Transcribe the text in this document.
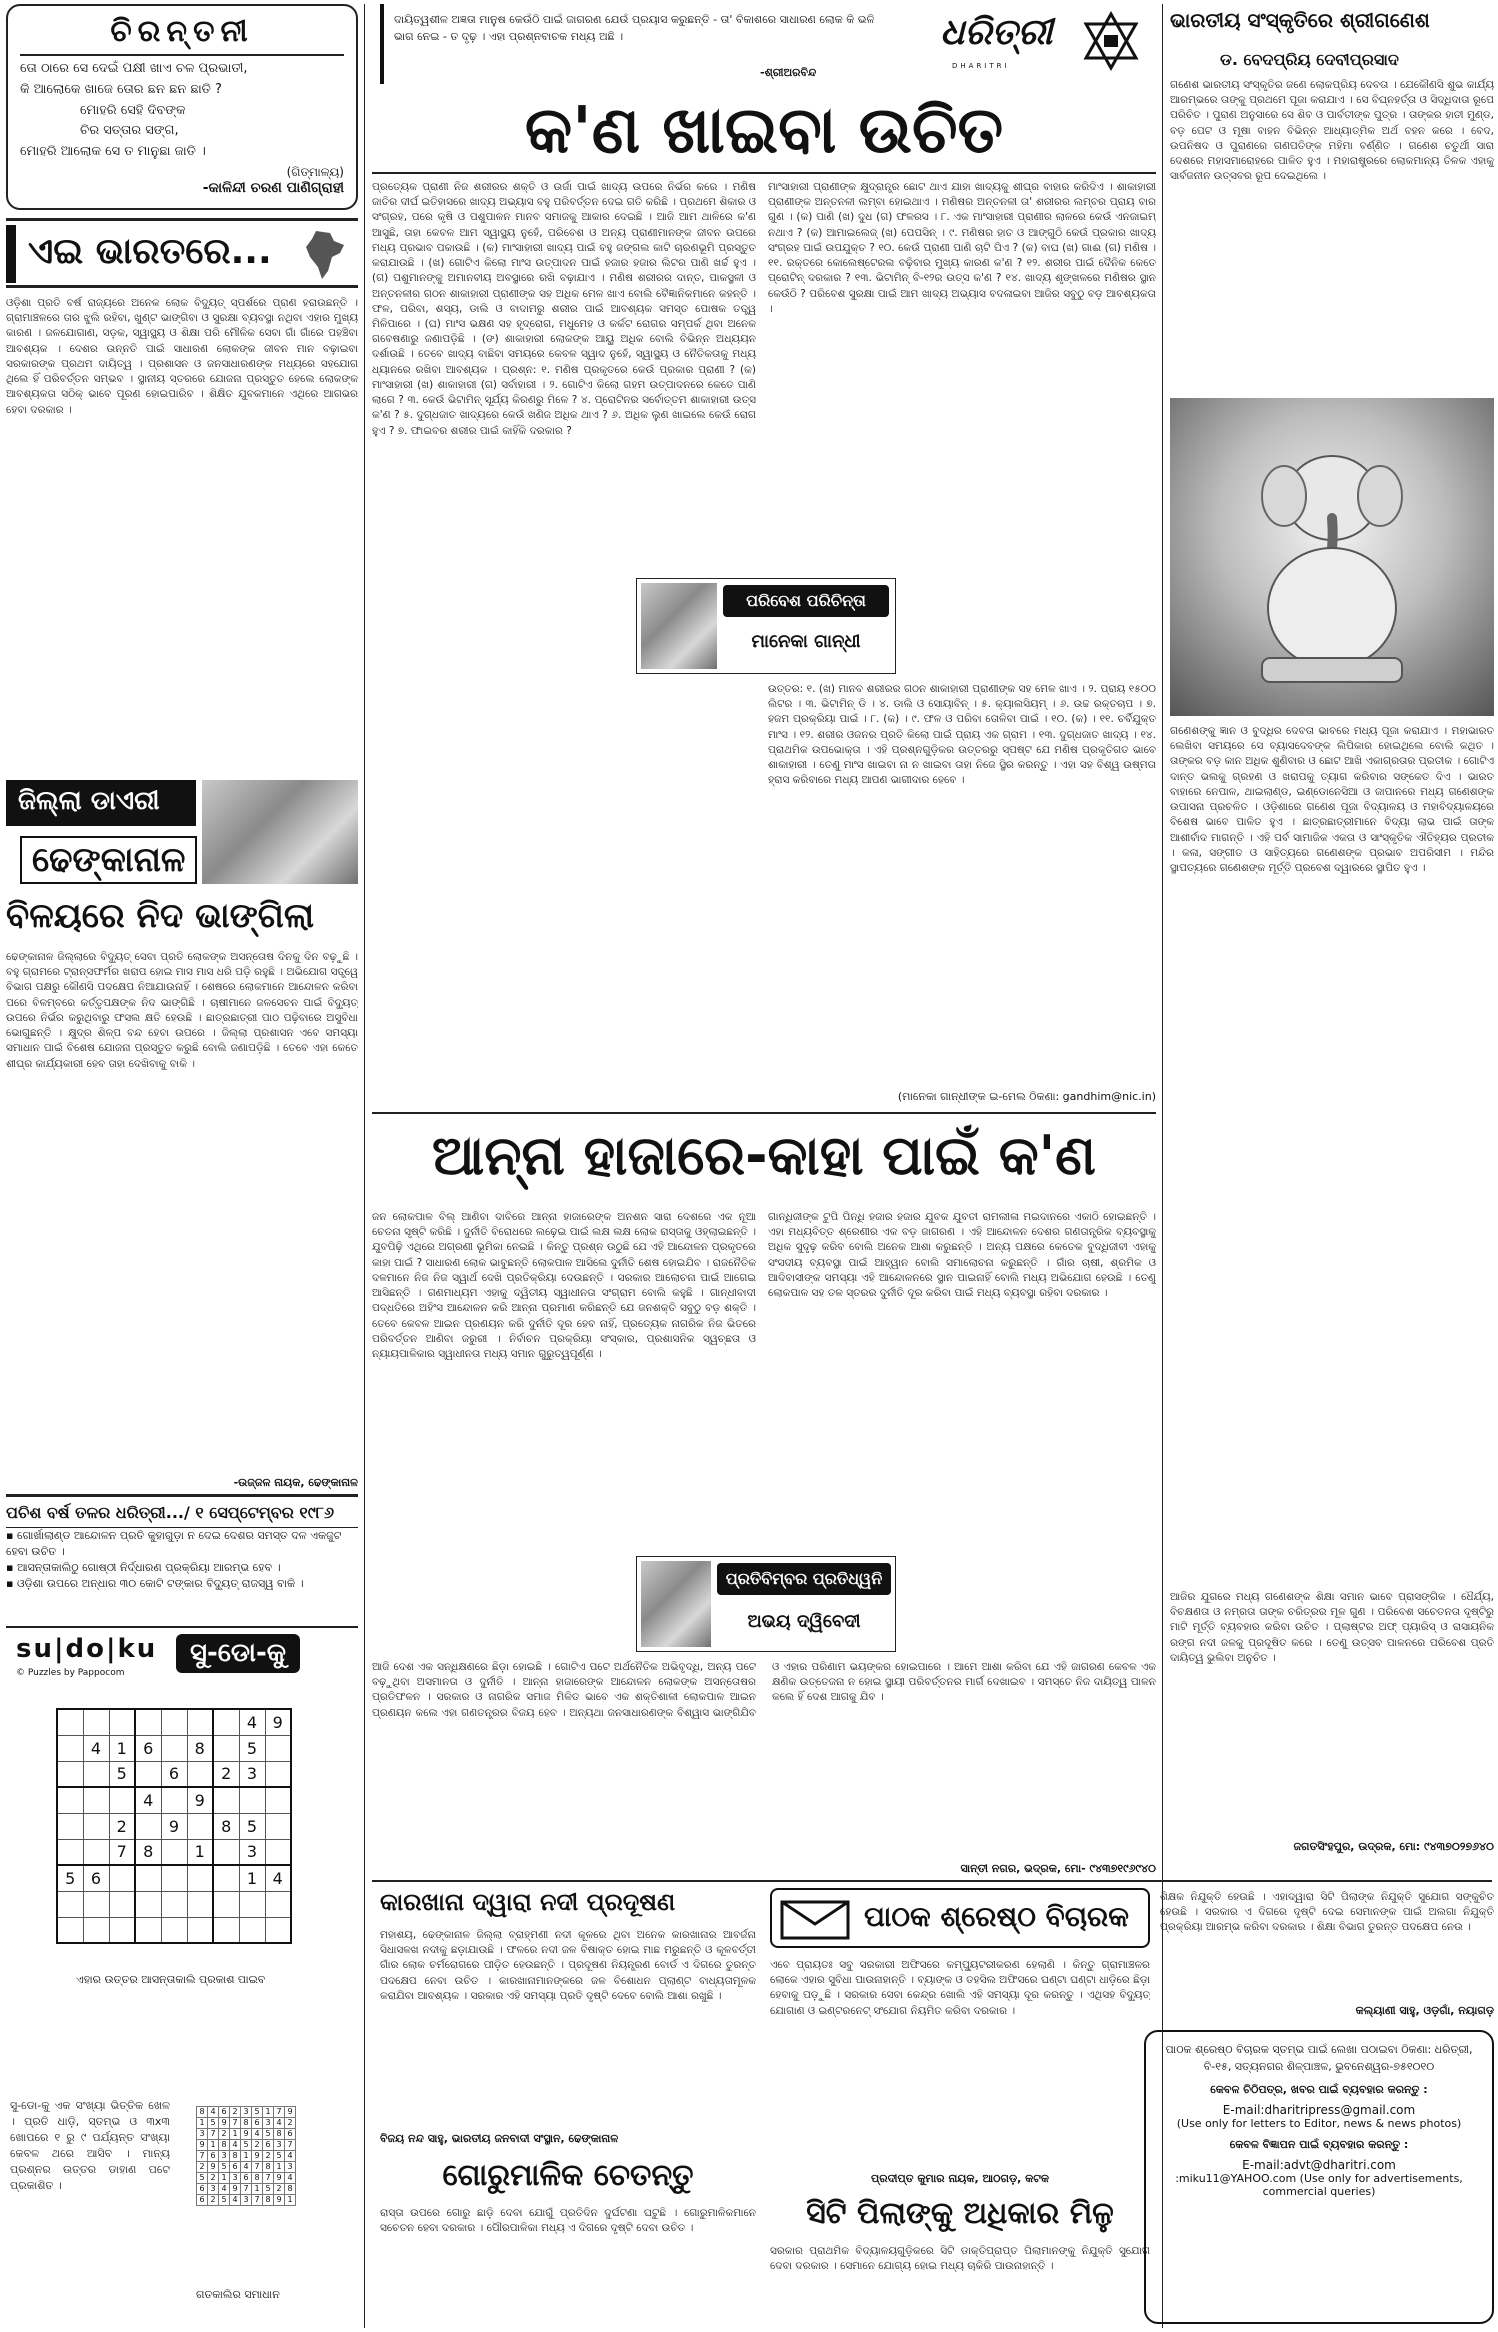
ଚିରନ୍ତନୀ
ତୋ ଠାରେ ସେ ଦେଇଁ ପକ୍ଷୀ ଖାଏ ଚଳ ପ୍ରଭାତୀ,
କି ଆଲୋକେ ଖାଜେ ତୋର ଛନ ଛନ ଛାତି ?
ମୋହରି ସେହି ଦିବଙ୍କ
ଚିର ସତ୍ତାର ସଙ୍ଗ,
ମୋହରି ଆଲୋକ ସେ ତ ମାନୁଛା ଜାତି ।
(ଗିତ୍ମାଳ୍ୟ)
-କାଳିନ୍ଦୀ ଚରଣ ପାଣିଗ୍ରାହୀ
ଏଇ ଭାରତରେ...
ଓଡ଼ିଶା ପ୍ରତି ବର୍ଷ ରାଜ୍ୟରେ ଅନେକ ଲୋକ ବିଦ୍ୟୁତ୍ ସ୍ପର୍ଶରେ ପ୍ରାଣ ହରାଉଛନ୍ତି । ଗ୍ରାମାଞ୍ଚଳରେ ତାର ଝୁଲି ରହିବା, ଖୁଣ୍ଟ ଭାଙ୍ଗିବା ଓ ସୁରକ୍ଷା ବ୍ୟବସ୍ଥା ନଥିବା ଏହାର ମୁଖ୍ୟ କାରଣ । ଜଳଯୋଗାଣ, ସଡ଼କ, ସ୍ୱାସ୍ଥ୍ୟ ଓ ଶିକ୍ଷା ପରି ମୌଳିକ ସେବା ଗାଁ ଗାଁରେ ପହଞ୍ଚିବା ଆବଶ୍ୟକ । ଦେଶର ଉନ୍ନତି ପାଇଁ ସାଧାରଣ ଲୋକଙ୍କ ଜୀବନ ମାନ ବଢ଼ାଇବା ସରକାରଙ୍କ ପ୍ରଥମ ଦାୟିତ୍ୱ । ପ୍ରଶାସନ ଓ ଜନସାଧାରଣଙ୍କ ମଧ୍ୟରେ ସହଯୋଗ ଥିଲେ ହିଁ ପରିବର୍ତ୍ତନ ସମ୍ଭବ । ସ୍ଥାନୀୟ ସ୍ତରରେ ଯୋଜନା ପ୍ରସ୍ତୁତ ହେଲେ ଲୋକଙ୍କ ଆବଶ୍ୟକତା ସଠିକ୍ ଭାବେ ପୂରଣ ହୋଇପାରିବ । ଶିକ୍ଷିତ ଯୁବକମାନେ ଏଥିରେ ଆଗଭର ହେବା ଦରକାର ।
ଜିଲ୍ଲା ଡାଏରୀ
ଢେଙ୍କାନାଳ
ବିଳୟରେ ନିଦ ଭାଙ୍ଗିଲା
ଢେଙ୍କାନାଳ ଜିଲ୍ଲାରେ ବିଦ୍ୟୁତ୍ ସେବା ପ୍ରତି ଲୋକଙ୍କ ଅସନ୍ତୋଷ ଦିନକୁ ଦିନ ବଢ଼ୁଛି । ବହୁ ଗ୍ରାମରେ ଟ୍ରାନ୍ସଫର୍ମର ଖରାପ ହୋଇ ମାସ ମାସ ଧରି ପଡ଼ି ରହୁଛି । ଅଭିଯୋଗ ସତ୍ତ୍ୱେ ବିଭାଗ ପକ୍ଷରୁ କୌଣସି ପଦକ୍ଷେପ ନିଆଯାଉନାହିଁ । ଶେଷରେ ଲୋକମାନେ ଆନ୍ଦୋଳନ କରିବା ପରେ ବିଳମ୍ବରେ କର୍ତ୍ତୃପକ୍ଷଙ୍କ ନିଦ ଭାଙ୍ଗିଛି । ଚାଷୀମାନେ ଜଳସେଚନ ପାଇଁ ବିଦ୍ୟୁତ୍ ଉପରେ ନିର୍ଭର କରୁଥିବାରୁ ଫସଲ କ୍ଷତି ହେଉଛି । ଛାତ୍ରଛାତ୍ରୀ ପାଠ ପଢ଼ିବାରେ ଅସୁବିଧା ଭୋଗୁଛନ୍ତି । କ୍ଷୁଦ୍ର ଶିଳ୍ପ ବନ୍ଦ ହେବା ଉପରେ । ଜିଲ୍ଲା ପ୍ରଶାସନ ଏବେ ସମସ୍ୟା ସମାଧାନ ପାଇଁ ବିଶେଷ ଯୋଜନା ପ୍ରସ୍ତୁତ କରୁଛି ବୋଲି ଜଣାପଡ଼ିଛି । ତେବେ ଏହା କେତେ ଶୀଘ୍ର କାର୍ଯ୍ୟକାରୀ ହେବ ତାହା ଦେଖିବାକୁ ବାକି ।
-ଉଜ୍ଜଳ ନାୟକ, ଢେଙ୍କାନାଳ
ପଚିଶ ବର୍ଷ ତଳର ଧରିତ୍ରୀ.../ ୧ ସେପ୍ଟେମ୍ବର ୧୯୮୬
▪ ଗୋର୍ଖାଲାଣ୍ଡ ଆନ୍ଦୋଳନ ପ୍ରତି କୁହାଗୁଡ଼ା ନ ଦେଇ ଦେଶର ସମସ୍ତ ଦଳ ଏକଜୁଟ ହେବା ଉଚିତ ।
▪ ଆସନ୍ତାକାଲିଠୁ ଗୋଷ୍ଠୀ ନିର୍ଦ୍ଧାରଣ ପ୍ରକ୍ରିୟା ଆରମ୍ଭ ହେବ ।
▪ ଓଡ଼ିଶା ଉପରେ ଅନ୍ଧାର ୩୦ କୋଟି ଟଙ୍କାର ବିଦ୍ୟୁତ୍ ରାଜସ୍ୱ ବାକି ।
su|do|ku
© Puzzles by Pappocom
ସୁ-ଡୋ-କୁ
							4	9
	4	1	6		8		5	
		5		6		2	3	
			4		9			
		2		9		8	5	
		7	8		1		3	
5	6						1	4

ଏହାର ଉତ୍ତର ଆସନ୍ତାକାଲି ପ୍ରକାଶ ପାଇବ
ସୁ-ଡୋ-କୁ ଏକ ସଂଖ୍ୟା ଭିତ୍ତିକ ଖେଳ । ପ୍ରତି ଧାଡ଼ି, ସ୍ତମ୍ଭ ଓ ୩x୩ ଖୋପରେ ୧ ରୁ ୯ ପର୍ଯ୍ୟନ୍ତ ସଂଖ୍ୟା କେବଳ ଥରେ ଆସିବ । ମାନ୍ୟ ପ୍ରଶ୍ନର ଉତ୍ତର ଡାହାଣ ପଟେ ପ୍ରକାଶିତ ।
8	4	6	2	3	5	1	7	9
1	5	9	7	8	6	3	4	2
3	7	2	1	9	4	5	8	6
9	1	8	4	5	2	6	3	7
7	6	3	8	1	9	2	5	4
2	9	5	6	4	7	8	1	3
5	2	1	3	6	8	7	9	4
6	3	4	9	7	1	5	2	8
6	2	5	4	3	7	8	9	1
ଗତକାଲିର ସମାଧାନ
ଦାୟିତ୍ୱଶୀଳ ଅଜ୍ଞତା ମାନୁଷ କେଉଁଠି ପାଇଁ ଜାଗରଣ ଯେଉଁ ପ୍ରୟାସ କରୁଛନ୍ତି - ତା' ବିକାଶରେ ସାଧାରଣ ଲୋକ କି ଭଳି ଭାଗ ନେଇ - ତ ଦୃଢ଼ । ଏହା ପ୍ରଶ୍ନବାଚକ ମଧ୍ୟ ଅଛି ।
-ଶ୍ରୀଅରବିନ୍ଦ
ଧରିତ୍ରୀ
DHARITRI
କ'ଣ ଖାଇବା ଉଚିତ
ପ୍ରତ୍ୟେକ ପ୍ରାଣୀ ନିଜ ଶରୀରର ଶକ୍ତି ଓ ଉର୍ଜା ପାଇଁ ଖାଦ୍ୟ ଉପରେ ନିର୍ଭର କରେ । ମଣିଷ ଜାତିର ଦୀର୍ଘ ଇତିହାସରେ ଖାଦ୍ୟ ଅଭ୍ୟାସ ବହୁ ପରିବର୍ତ୍ତନ ଦେଇ ଗତି କରିଛି । ପ୍ରଥମେ ଶିକାର ଓ ସଂଗ୍ରହ, ପରେ କୃଷି ଓ ପଶୁପାଳନ ମାନବ ସମାଜକୁ ଆକାର ଦେଇଛି । ଆଜି ଆମ ଥାଳିରେ କ'ଣ ଆସୁଛି, ତାହା କେବଳ ଆମ ସ୍ୱାସ୍ଥ୍ୟ ନୁହେଁ, ପରିବେଶ ଓ ଅନ୍ୟ ପ୍ରାଣୀମାନଙ୍କ ଜୀବନ ଉପରେ ମଧ୍ୟ ପ୍ରଭାବ ପକାଉଛି । (କ) ମାଂସାହାରୀ ଖାଦ୍ୟ ପାଇଁ ବହୁ ଜଙ୍ଗଲ କାଟି ଚାରଣଭୂମି ପ୍ରସ୍ତୁତ କରାଯାଉଛି । (ଖ) ଗୋଟିଏ କିଲୋ ମାଂସ ଉତ୍ପାଦନ ପାଇଁ ହଜାର ହଜାର ଲିଟର ପାଣି ଖର୍ଚ୍ଚ ହୁଏ । (ଗ) ପଶୁମାନଙ୍କୁ ଅମାନବୀୟ ଅବସ୍ଥାରେ ରଖି ବଢ଼ାଯାଏ । ମଣିଷ ଶରୀରର ଦାନ୍ତ, ପାକସ୍ଥଳୀ ଓ ଅନ୍ତନଳୀର ଗଠନ ଶାକାହାରୀ ପ୍ରାଣୀଙ୍କ ସହ ଅଧିକ ମେଳ ଖାଏ ବୋଲି ବୈଜ୍ଞାନିକମାନେ କହନ୍ତି । ଫଳ, ପରିବା, ଶସ୍ୟ, ଡାଲି ଓ ବାଦାମରୁ ଶରୀର ପାଇଁ ଆବଶ୍ୟକ ସମସ୍ତ ପୋଷକ ତତ୍ତ୍ୱ ମିଳିପାରେ । (ଘ) ମାଂସ ଭକ୍ଷଣ ସହ ହୃଦ୍‌ରୋଗ, ମଧୁମେହ ଓ କର୍କଟ ରୋଗର ସମ୍ପର୍କ ଥିବା ଅନେକ ଗବେଷଣାରୁ ଜଣାପଡ଼ିଛି । (ଙ) ଶାକାହାରୀ ଲୋକଙ୍କ ଆୟୁ ଅଧିକ ବୋଲି ବିଭିନ୍ନ ଅଧ୍ୟୟନ ଦର୍ଶାଉଛି । ତେବେ ଖାଦ୍ୟ ବାଛିବା ସମୟରେ କେବଳ ସ୍ୱାଦ ନୁହେଁ, ସ୍ୱାସ୍ଥ୍ୟ ଓ ନୈତିକତାକୁ ମଧ୍ୟ ଧ୍ୟାନରେ ରଖିବା ଆବଶ୍ୟକ । ପ୍ରଶ୍ନ: ୧. ମଣିଷ ପ୍ରକୃତରେ କେଉଁ ପ୍ରକାର ପ୍ରାଣୀ ? (କ) ମାଂସାହାରୀ (ଖ) ଶାକାହାରୀ (ଗ) ସର୍ବାହାରୀ । ୨. ଗୋଟିଏ କିଲୋ ଗହମ ଉତ୍ପାଦନରେ କେତେ ପାଣି ଲାଗେ ? ୩. କେଉଁ ଭିଟାମିନ୍ ସୂର୍ଯ୍ୟ କିରଣରୁ ମିଳେ ? ୪. ପ୍ରୋଟିନର ସର୍ବୋତ୍ତମ ଶାକାହାରୀ ଉତ୍ସ କ'ଣ ? ୫. ଦୁଗ୍ଧଜାତ ଖାଦ୍ୟରେ କେଉଁ ଖଣିଜ ଅଧିକ ଥାଏ ? ୬. ଅଧିକ ଲୁଣ ଖାଇଲେ କେଉଁ ରୋଗ ହୁଏ ? ୭. ଫାଇବର ଶରୀର ପାଇଁ କାହିଁକି ଦରକାର ?
ମାଂସାହାରୀ ପ୍ରାଣୀଙ୍କ କ୍ଷୁଦ୍ରାନ୍ତ୍ର ଛୋଟ ଥାଏ ଯାହା ଖାଦ୍ୟକୁ ଶୀଘ୍ର ବାହାର କରିଦିଏ । ଶାକାହାରୀ ପ୍ରାଣୀଙ୍କ ଅନ୍ତନଳୀ ଲମ୍ବା ହୋଇଥାଏ । ମଣିଷର ଅନ୍ତନଳୀ ତା' ଶରୀରର ଲମ୍ବର ପ୍ରାୟ ବାର ଗୁଣ । (କ) ପାଣି (ଖ) ଦୁଧ (ଗ) ଫଳରସ । ୮. ଏକ ମାଂସାହାରୀ ପ୍ରାଣୀର ଲାଳରେ କେଉଁ ଏନଜାଇମ୍ ନଥାଏ ? (କ) ଆମାଇଲେଜ୍ (ଖ) ପେପସିନ୍ । ୯. ମଣିଷର ହାତ ଓ ଆଙ୍ଗୁଠି କେଉଁ ପ୍ରକାର ଖାଦ୍ୟ ସଂଗ୍ରହ ପାଇଁ ଉପଯୁକ୍ତ ? ୧୦. କେଉଁ ପ୍ରାଣୀ ପାଣି ଚାଟି ପିଏ ? (କ) ବାଘ (ଖ) ଗାଈ (ଗ) ମଣିଷ । ୧୧. ରକ୍ତରେ କୋଲେଷ୍ଟେରଲ ବଢ଼ିବାର ମୁଖ୍ୟ କାରଣ କ'ଣ ? ୧୨. ଶରୀର ପାଇଁ ଦୈନିକ କେତେ ପ୍ରୋଟିନ୍ ଦରକାର ? ୧୩. ଭିଟାମିନ୍ ବି-୧୨ର ଉତ୍ସ କ'ଣ ? ୧୪. ଖାଦ୍ୟ ଶୃଙ୍ଖଳରେ ମଣିଷର ସ୍ଥାନ କେଉଁଠି ? ପରିବେଶ ସୁରକ୍ଷା ପାଇଁ ଆମ ଖାଦ୍ୟ ଅଭ୍ୟାସ ବଦଳାଇବା ଆଜିର ସବୁଠୁ ବଡ଼ ଆବଶ୍ୟକତା ।
ପରିବେଶ ପରିଚିନ୍ତା
ମାନେକା ଗାନ୍ଧୀ
ଉତ୍ତର: ୧. (ଖ) ମାନବ ଶରୀରର ଗଠନ ଶାକାହାରୀ ପ୍ରାଣୀଙ୍କ ସହ ମେଳ ଖାଏ । ୨. ପ୍ରାୟ ୧୫୦୦ ଲିଟର । ୩. ଭିଟାମିନ୍ ଡି । ୪. ଡାଲି ଓ ସୋୟାବିନ୍ । ୫. କ୍ୟାଲସିୟମ୍ । ୬. ଉଚ୍ଚ ରକ୍ତଚାପ । ୭. ହଜମ ପ୍ରକ୍ରିୟା ପାଇଁ । ୮. (କ) । ୯. ଫଳ ଓ ପରିବା ତୋଳିବା ପାଇଁ । ୧୦. (କ) । ୧୧. ଚର୍ବିଯୁକ୍ତ ମାଂସ । ୧୨. ଶରୀର ଓଜନର ପ୍ରତି କିଲୋ ପାଇଁ ପ୍ରାୟ ଏକ ଗ୍ରାମ । ୧୩. ଦୁଗ୍ଧଜାତ ଖାଦ୍ୟ । ୧୪. ପ୍ରାଥମିକ ଉପଭୋକ୍ତା । ଏହି ପ୍ରଶ୍ନଗୁଡ଼ିକର ଉତ୍ତରରୁ ସ୍ପଷ୍ଟ ଯେ ମଣିଷ ପ୍ରକୃତିଗତ ଭାବେ ଶାକାହାରୀ । ତେଣୁ ମାଂସ ଖାଇବା ନା ନ ଖାଇବା ତାହା ନିଜେ ସ୍ଥିର କରନ୍ତୁ । ଏହା ସହ ବିଶ୍ୱ ଉଷ୍ମତା ହ୍ରାସ କରିବାରେ ମଧ୍ୟ ଆପଣ ଭାଗୀଦାର ହେବେ ।
(ମାନେକା ଗାନ୍ଧୀଙ୍କ ଇ-ମେଲ ଠିକଣା: gandhim@nic.in)
ଆନ୍ନା ହାଜାରେ-କାହା ପାଇଁ କ'ଣ
ଜନ ଲୋକପାଳ ବିଲ୍ ଆଣିବା ଦାବିରେ ଆନ୍ନା ହାଜାରେଙ୍କ ଅନଶନ ସାରା ଦେଶରେ ଏକ ନୂଆ ଚେତନା ସୃଷ୍ଟି କରିଛି । ଦୁର୍ନୀତି ବିରୋଧରେ ଲଢ଼େଇ ପାଇଁ ଲକ୍ଷ ଲକ୍ଷ ଲୋକ ରାସ୍ତାକୁ ଓହ୍ଲାଇଛନ୍ତି । ଯୁବପିଢ଼ି ଏଥିରେ ଅଗ୍ରଣୀ ଭୂମିକା ନେଇଛି । କିନ୍ତୁ ପ୍ରଶ୍ନ ଉଠୁଛି ଯେ ଏହି ଆନ୍ଦୋଳନ ପ୍ରକୃତରେ କାହା ପାଇଁ ? ସାଧାରଣ ଲୋକ ଭାବୁଛନ୍ତି ଲୋକପାଳ ଆସିଲେ ଦୁର୍ନୀତି ଶେଷ ହୋଇଯିବ । ରାଜନୈତିକ ଦଳମାନେ ନିଜ ନିଜ ସ୍ୱାର୍ଥ ଦେଖି ପ୍ରତିକ୍ରିୟା ଦେଉଛନ୍ତି । ସରକାର ଆଲୋଚନା ପାଇଁ ଆଗେଇ ଆସିଛନ୍ତି । ଗଣମାଧ୍ୟମ ଏହାକୁ ଦ୍ୱିତୀୟ ସ୍ୱାଧୀନତା ସଂଗ୍ରାମ ବୋଲି କହୁଛି । ଗାନ୍ଧୀବାଦୀ ପଦ୍ଧତିରେ ଅହିଂସ ଆନ୍ଦୋଳନ କରି ଆନ୍ନା ପ୍ରମାଣ କରିଛନ୍ତି ଯେ ଜନଶକ୍ତି ସବୁଠୁ ବଡ଼ ଶକ୍ତି । ତେବେ କେବଳ ଆଇନ ପ୍ରଣୟନ କରି ଦୁର୍ନୀତି ଦୂର ହେବ ନାହିଁ, ପ୍ରତ୍ୟେକ ନାଗରିକ ନିଜ ଭିତରେ ପରିବର୍ତ୍ତନ ଆଣିବା ଜରୁରୀ । ନିର୍ବାଚନ ପ୍ରକ୍ରିୟା ସଂସ୍କାର, ପ୍ରଶାସନିକ ସ୍ୱଚ୍ଛତା ଓ ନ୍ୟାୟପାଳିକାର ସ୍ୱାଧୀନତା ମଧ୍ୟ ସମାନ ଗୁରୁତ୍ୱପୂର୍ଣ୍ଣ ।
ଗାନ୍ଧିଜୀଙ୍କ ଟୁପି ପିନ୍ଧି ହଜାର ହଜାର ଯୁବକ ଯୁବତୀ ରାମଲୀଳା ମଇଦାନରେ ଏକାଠି ହୋଇଛନ୍ତି । ଏହା ମଧ୍ୟବିତ୍ତ ଶ୍ରେଣୀର ଏକ ବଡ଼ ଜାଗରଣ । ଏହି ଆନ୍ଦୋଳନ ଦେଶର ଗଣତାନ୍ତ୍ରିକ ବ୍ୟବସ୍ଥାକୁ ଅଧିକ ସୁଦୃଢ଼ କରିବ ବୋଲି ଅନେକ ଆଶା କରୁଛନ୍ତି । ଅନ୍ୟ ପକ୍ଷରେ କେତେକ ବୁଦ୍ଧିଜୀବୀ ଏହାକୁ ସଂସଦୀୟ ବ୍ୟବସ୍ଥା ପାଇଁ ଆହ୍ୱାନ ବୋଲି ସମାଲୋଚନା କରୁଛନ୍ତି । ଗାଁର ଚାଷୀ, ଶ୍ରମିକ ଓ ଆଦିବାସୀଙ୍କ ସମସ୍ୟା ଏହି ଆନ୍ଦୋଳନରେ ସ୍ଥାନ ପାଇନାହିଁ ବୋଲି ମଧ୍ୟ ଅଭିଯୋଗ ହେଉଛି । ତେଣୁ ଲୋକପାଳ ସହ ତଳ ସ୍ତରର ଦୁର୍ନୀତି ଦୂର କରିବା ପାଇଁ ମଧ୍ୟ ବ୍ୟବସ୍ଥା ରହିବା ଦରକାର ।
ପ୍ରତିବିମ୍ବର ପ୍ରତିଧ୍ୱନି
ଅଭୟ ଦ୍ୱିବେଦୀ
ଆଜି ଦେଶ ଏକ ସନ୍ଧିକ୍ଷଣରେ ଛିଡ଼ା ହୋଇଛି । ଗୋଟିଏ ପଟେ ଅର୍ଥନୈତିକ ଅଭିବୃଦ୍ଧି, ଅନ୍ୟ ପଟେ ବଢ଼ୁଥିବା ଅସମାନତା ଓ ଦୁର୍ନୀତି । ଆନ୍ନା ହାଜାରେଙ୍କ ଆନ୍ଦୋଳନ ଲୋକଙ୍କ ଅସନ୍ତୋଷର ପ୍ରତିଫଳନ । ସରକାର ଓ ନାଗରିକ ସମାଜ ମିଳିତ ଭାବେ ଏକ ଶକ୍ତିଶାଳୀ ଲୋକପାଳ ଆଇନ ପ୍ରଣୟନ କଲେ ଏହା ଗଣତନ୍ତ୍ରର ବିଜୟ ହେବ । ଅନ୍ୟଥା ଜନସାଧାରଣଙ୍କ ବିଶ୍ୱାସ ଭାଙ୍ଗିଯିବ ଓ ଏହାର ପରିଣାମ ଭୟଙ୍କର ହୋଇପାରେ । ଆମେ ଆଶା କରିବା ଯେ ଏହି ଜାଗରଣ କେବଳ ଏକ କ୍ଷଣିକ ଉତ୍ତେଜନା ନ ହୋଇ ସ୍ଥାୟୀ ପରିବର୍ତ୍ତନର ମାର୍ଗ ଦେଖାଇବ । ସମସ୍ତେ ନିଜ ଦାୟିତ୍ୱ ପାଳନ କଲେ ହିଁ ଦେଶ ଆଗକୁ ଯିବ ।
ସାନ୍ତୀ ନଗର, ଭଦ୍ରକ, ମୋ- ୯୪୩୭୧୯୬୯୪୦
କାରଖାନା ଦ୍ୱାରା ନଦୀ ପ୍ରଦୂଷଣ
ମହାଶୟ, ଢେଙ୍କାନାଳ ଜିଲ୍ଲା ବ୍ରାହ୍ମଣୀ ନଦୀ କୂଳରେ ଥିବା ଅନେକ କାରଖାନାର ଆବର୍ଜନା ସିଧାସଳଖ ନଦୀକୁ ଛଡ଼ାଯାଉଛି । ଫଳରେ ନଦୀ ଜଳ ବିଷାକ୍ତ ହୋଇ ମାଛ ମରୁଛନ୍ତି ଓ କୂଳବର୍ତ୍ତୀ ଗାଁର ଲୋକ ଚର୍ମରୋଗରେ ପୀଡ଼ିତ ହେଉଛନ୍ତି । ପ୍ରଦୂଷଣ ନିୟନ୍ତ୍ରଣ ବୋର୍ଡ ଏ ଦିଗରେ ତୁରନ୍ତ ପଦକ୍ଷେପ ନେବା ଉଚିତ । କାରଖାନାମାନଙ୍କରେ ଜଳ ବିଶୋଧନ ପ୍ଲାଣ୍ଟ ବାଧ୍ୟତାମୂଳକ କରାଯିବା ଆବଶ୍ୟକ । ସରକାର ଏହି ସମସ୍ୟା ପ୍ରତି ଦୃଷ୍ଟି ଦେବେ ବୋଲି ଆଶା ରଖୁଛି ।
ବିଜୟ ନନ୍ଦ ସାହୁ, ଭାରତୀୟ ଜନବାଦୀ ସଂସ୍ଥାନ, ଢେଙ୍କାନାଳ
ଗୋରୁମାଳିକ ଚେତନ୍ତୁ
ରାସ୍ତା ଉପରେ ଗୋରୁ ଛାଡ଼ି ଦେବା ଯୋଗୁଁ ପ୍ରତିଦିନ ଦୁର୍ଘଟଣା ଘଟୁଛି । ଗୋରୁମାଳିକମାନେ ସଚେତନ ହେବା ଦରକାର । ପୌରପାଳିକା ମଧ୍ୟ ଏ ଦିଗରେ ଦୃଷ୍ଟି ଦେବା ଉଚିତ ।
ପାଠକ ଶ୍ରେଷ୍ଠ ବିଚାରକ
ଏବେ ପ୍ରାୟତଃ ସବୁ ସରକାରୀ ଅଫିସରେ କମ୍ପ୍ୟୁଟରୀକରଣ ହେଲାଣି । କିନ୍ତୁ ଗ୍ରାମାଞ୍ଚଳର ଲୋକେ ଏହାର ସୁବିଧା ପାଉନାହାନ୍ତି । ବ୍ୟାଙ୍କ ଓ ତହସିଲ ଅଫିସରେ ଘଣ୍ଟା ଘଣ୍ଟା ଧାଡ଼ିରେ ଛିଡ଼ା ହେବାକୁ ପଡ଼ୁଛି । ସରକାର ସେବା କେନ୍ଦ୍ର ଖୋଲି ଏହି ସମସ୍ୟା ଦୂର କରନ୍ତୁ । ଏଥିସହ ବିଦ୍ୟୁତ୍ ଯୋଗାଣ ଓ ଇଣ୍ଟରନେଟ୍ ସଂଯୋଗ ନିୟମିତ କରିବା ଦରକାର ।
ପ୍ରଦୀପ୍ତ କୁମାର ନାୟକ, ଆଠଗଡ଼, କଟକ
ସିଟି ପିଲାଙ୍କୁ ଅଧିକାର ମିଳୁ
ସରକାର ପ୍ରାଥମିକ ବିଦ୍ୟାଳୟଗୁଡ଼ିକରେ ସିଟି ଡାକ୍ତିପ୍ରାପ୍ତ ପିଲାମାନଙ୍କୁ ନିଯୁକ୍ତି ସୁଯୋଗ ଦେବା ଦରକାର । ସେମାନେ ଯୋଗ୍ୟ ହୋଇ ମଧ୍ୟ ଚାକିରି ପାଉନାହାନ୍ତି ।
ଭାରତୀୟ ସଂସ୍କୃତିରେ ଶ୍ରୀଗଣେଶ
ଡ. ବେଦପ୍ରିୟ ଦେବୀପ୍ରସାଦ
ଗଣେଶ ଭାରତୀୟ ସଂସ୍କୃତିର ଜଣେ ଲୋକପ୍ରିୟ ଦେବତା । ଯେକୌଣସି ଶୁଭ କାର୍ଯ୍ୟ ଆରମ୍ଭରେ ତାଙ୍କୁ ପ୍ରଥମେ ପୂଜା କରାଯାଏ । ସେ ବିଘ୍ନହର୍ତ୍ତା ଓ ସିଦ୍ଧିଦାତା ରୂପେ ପରିଚିତ । ପୁରାଣ ଅନୁସାରେ ସେ ଶିବ ଓ ପାର୍ବତୀଙ୍କ ପୁତ୍ର । ତାଙ୍କର ହାତୀ ମୁଣ୍ଡ, ବଡ଼ ପେଟ ଓ ମୂଷା ବାହନ ବିଭିନ୍ନ ଆଧ୍ୟାତ୍ମିକ ଅର୍ଥ ବହନ କରେ । ବେଦ, ଉପନିଷଦ ଓ ପୁରାଣରେ ଗଣପତିଙ୍କ ମହିମା ବର୍ଣ୍ଣିତ । ଗଣେଶ ଚତୁର୍ଥୀ ସାରା ଦେଶରେ ମହାସମାରୋହରେ ପାଳିତ ହୁଏ । ମହାରାଷ୍ଟ୍ରରେ ଲୋକମାନ୍ୟ ତିଳକ ଏହାକୁ ସାର୍ବଜନୀନ ଉତ୍ସବର ରୂପ ଦେଇଥିଲେ ।
ଗଣେଶଙ୍କୁ ଜ୍ଞାନ ଓ ବୁଦ୍ଧିର ଦେବତା ଭାବରେ ମଧ୍ୟ ପୂଜା କରାଯାଏ । ମହାଭାରତ ଲେଖିବା ସମୟରେ ସେ ବ୍ୟାସଦେବଙ୍କ ଲିପିକାର ହୋଇଥିଲେ ବୋଲି କଥିତ । ତାଙ୍କର ବଡ଼ କାନ ଅଧିକ ଶୁଣିବାର ଓ ଛୋଟ ଆଖି ଏକାଗ୍ରତାର ପ୍ରତୀକ । ଗୋଟିଏ ଦାନ୍ତ ଭଲକୁ ଗ୍ରହଣ ଓ ଖରାପକୁ ତ୍ୟାଗ କରିବାର ସଙ୍କେତ ଦିଏ । ଭାରତ ବାହାରେ ନେପାଳ, ଥାଇଲାଣ୍ଡ, ଇଣ୍ଡୋନେସିଆ ଓ ଜାପାନରେ ମଧ୍ୟ ଗଣେଶଙ୍କ ଉପାସନା ପ୍ରଚଳିତ । ଓଡ଼ିଶାରେ ଗଣେଶ ପୂଜା ବିଦ୍ୟାଳୟ ଓ ମହାବିଦ୍ୟାଳୟରେ ବିଶେଷ ଭାବେ ପାଳିତ ହୁଏ । ଛାତ୍ରଛାତ୍ରୀମାନେ ବିଦ୍ୟା ଲାଭ ପାଇଁ ତାଙ୍କ ଆଶୀର୍ବାଦ ମାଗନ୍ତି । ଏହି ପର୍ବ ସାମାଜିକ ଏକତା ଓ ସାଂସ୍କୃତିକ ଐତିହ୍ୟର ପ୍ରତୀକ । କଳା, ସଙ୍ଗୀତ ଓ ସାହିତ୍ୟରେ ଗଣେଶଙ୍କ ପ୍ରଭାବ ଅପରିସୀମ । ମନ୍ଦିର ସ୍ଥାପତ୍ୟରେ ଗଣେଶଙ୍କ ମୂର୍ତ୍ତି ପ୍ରବେଶ ଦ୍ୱାରରେ ସ୍ଥାପିତ ହୁଏ ।
ଆଜିର ଯୁଗରେ ମଧ୍ୟ ଗଣେଶଙ୍କ ଶିକ୍ଷା ସମାନ ଭାବେ ପ୍ରାସଙ୍ଗିକ । ଧୈର୍ଯ୍ୟ, ବିଚକ୍ଷଣତା ଓ ନମ୍ରତା ତାଙ୍କ ଚରିତ୍ରର ମୂଳ ଗୁଣ । ପରିବେଶ ସଚେତନତା ଦୃଷ୍ଟିରୁ ମାଟି ମୂର୍ତ୍ତି ବ୍ୟବହାର କରିବା ଉଚିତ । ପ୍ଲାଷ୍ଟର ଅଫ୍ ପ୍ୟାରିସ୍ ଓ ରାସାୟନିକ ରଙ୍ଗ ନଦୀ ଜଳକୁ ପ୍ରଦୂଷିତ କରେ । ତେଣୁ ଉତ୍ସବ ପାଳନରେ ପରିବେଶ ପ୍ରତି ଦାୟିତ୍ୱ ଭୁଲିବା ଅନୁଚିତ ।
ଜଗତସିଂହପୁର, ଉଦ୍ରକ, ମୋ: ୯୪୩୭୦୨୭୬୪୦
ଶିକ୍ଷକ ନିଯୁକ୍ତି ହେଉଛି । ଏହାଦ୍ୱାରା ସିଟି ପିଲାଙ୍କ ନିଯୁକ୍ତି ସୁଯୋଗ ସଙ୍କୁଚିତ ହେଉଛି । ସରକାର ଏ ଦିଗରେ ଦୃଷ୍ଟି ଦେଇ ସେମାନଙ୍କ ପାଇଁ ଅଲଗା ନିଯୁକ୍ତି ପ୍ରକ୍ରିୟା ଆରମ୍ଭ କରିବା ଦରକାର । ଶିକ୍ଷା ବିଭାଗ ତୁରନ୍ତ ପଦକ୍ଷେପ ନେଉ ।
କଲ୍ୟାଣୀ ସାହୁ, ଓଡ଼ଗାଁ, ନୟାଗଡ଼
ପାଠକ ଶ୍ରେଷ୍ଠ ବିଚାରକ ସ୍ତମ୍ଭ ପାଇଁ ଲେଖା ପଠାଇବା ଠିକଣା: ଧରିତ୍ରୀ, ବି-୧୫, ସତ୍ୟନଗର ଶିଳ୍ପାଞ୍ଚଳ, ଭୁବନେଶ୍ୱର-୭୫୧୦୧୦
କେବଳ ଚିଠିପତ୍ର, ଖବର ପାଇଁ ବ୍ୟବହାର କରନ୍ତୁ :
E-mail:dharitripress@gmail.com
(Use only for letters to Editor, news & news photos)
କେବଳ ବିଜ୍ଞାପନ ପାଇଁ ବ୍ୟବହାର କରନ୍ତୁ :
E-mail:advt@dharitri.com
:miku11@YAHOO.com (Use only for advertisements, commercial queries)
